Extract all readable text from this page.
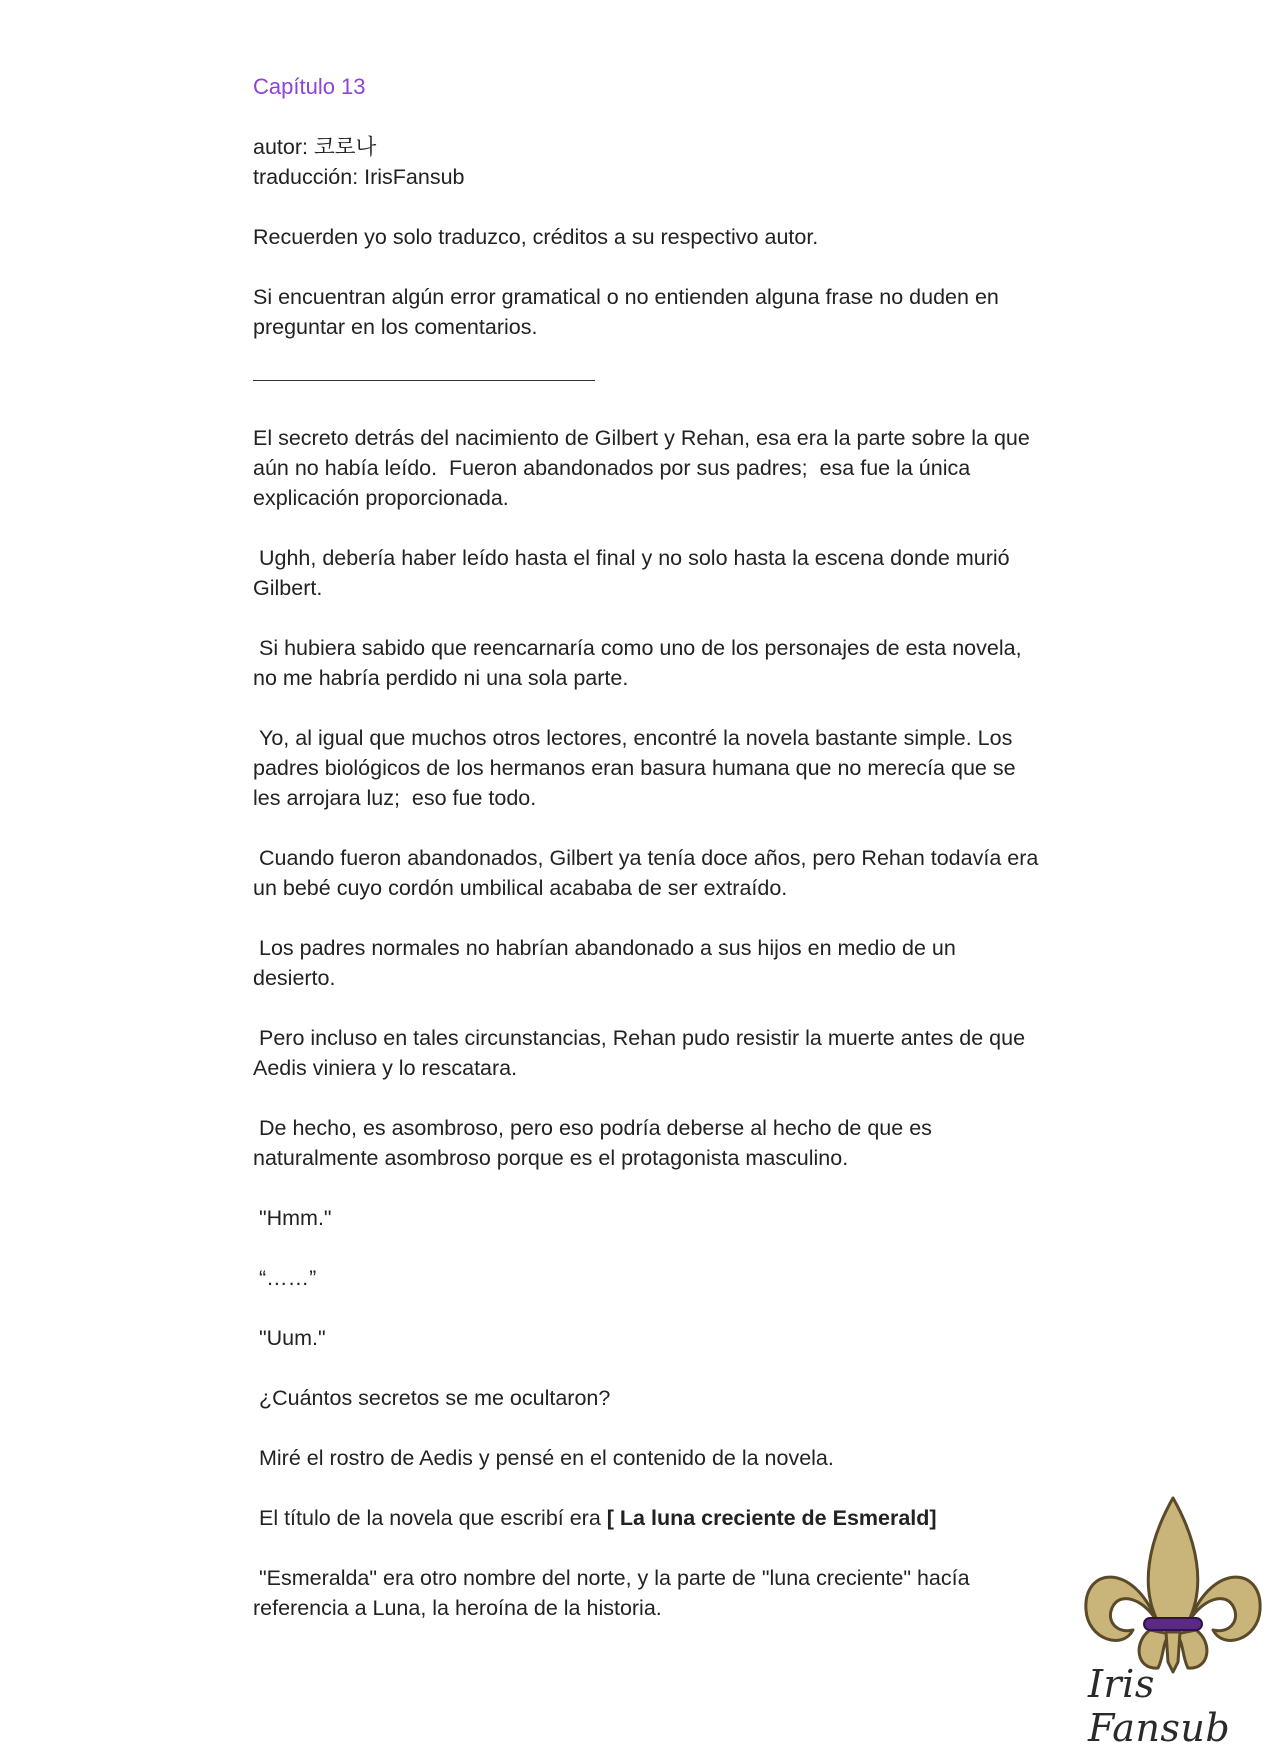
Capítulo 13
autor: 코로나
traducción: IrisFansub
Recuerden yo solo traduzco, créditos a su respectivo autor.
Si encuentran algún error gramatical o no entienden alguna frase no duden en preguntar en los comentarios.
El secreto detrás del nacimiento de Gilbert y Rehan, esa era la parte sobre la que aún no había leído.  Fueron abandonados por sus padres;  esa fue la única explicación proporcionada.
Ughh, debería haber leído hasta el final y no solo hasta la escena donde murió Gilbert.
Si hubiera sabido que reencarnaría como uno de los personajes de esta novela, no me habría perdido ni una sola parte.
Yo, al igual que muchos otros lectores, encontré la novela bastante simple. Los padres biológicos de los hermanos eran basura humana que no merecía que se les arrojara luz;  eso fue todo.
Cuando fueron abandonados, Gilbert ya tenía doce años, pero Rehan todavía era un bebé cuyo cordón umbilical acababa de ser extraído.
Los padres normales no habrían abandonado a sus hijos en medio de un desierto.
Pero incluso en tales circunstancias, Rehan pudo resistir la muerte antes de que Aedis viniera y lo rescatara.
De hecho, es asombroso, pero eso podría deberse al hecho de que es naturalmente asombroso porque es el protagonista masculino.
"Hmm."
“……”
"Uum."
¿Cuántos secretos se me ocultaron?
Miré el rostro de Aedis y pensé en el contenido de la novela.
El título de la novela que escribí era [ La luna creciente de Esmerald]
"Esmeralda" era otro nombre del norte, y la parte de "luna creciente" hacía referencia a Luna, la heroína de la historia.
Iris Fansub
